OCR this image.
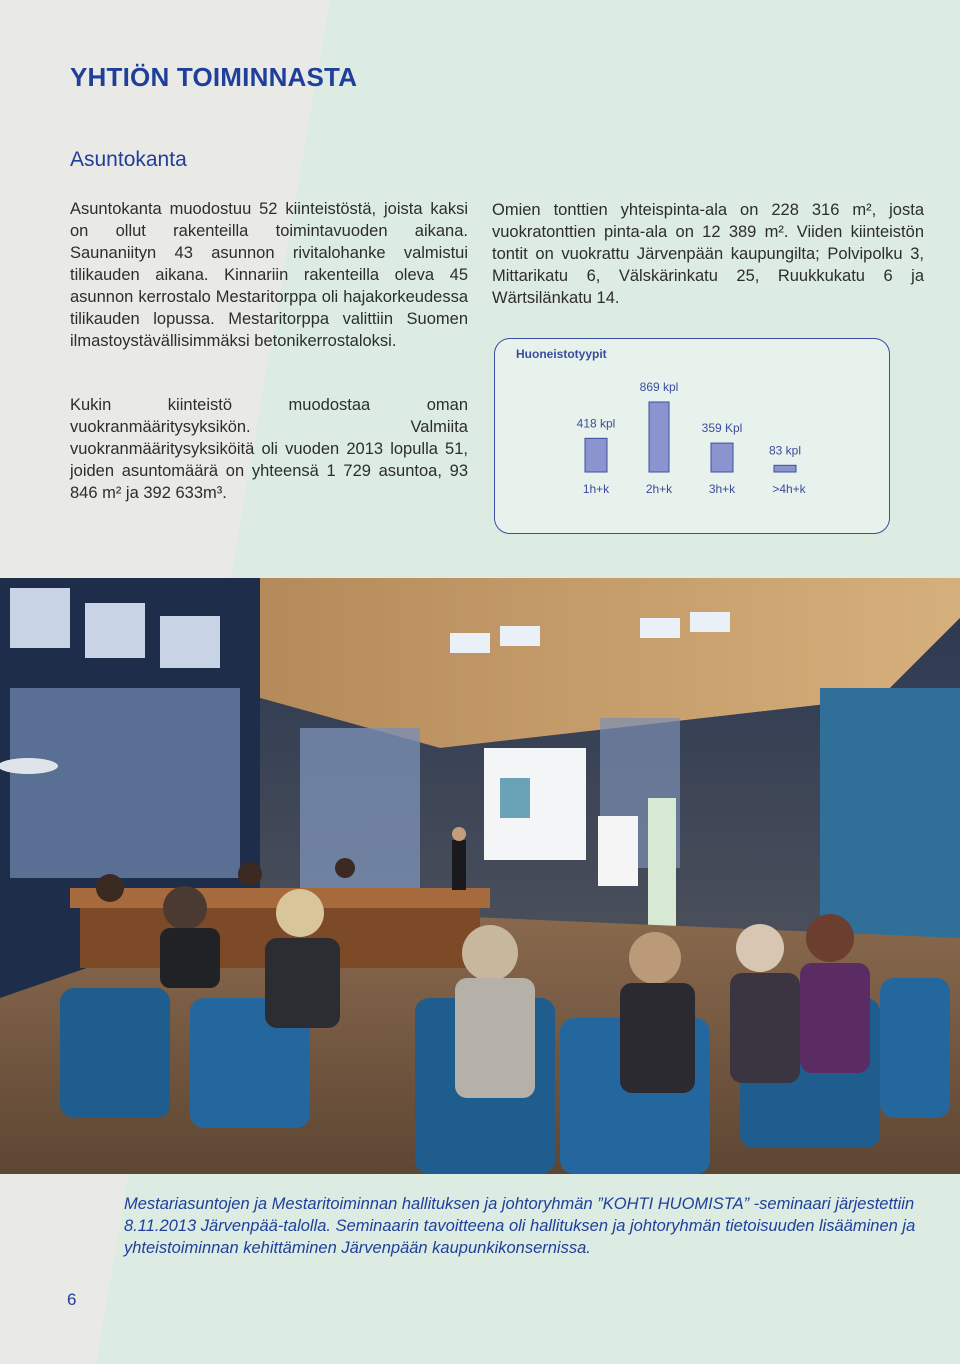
YHTIÖN TOIMINNASTA
Asuntokanta

Asuntokanta muodostuu 52 kiinteistöstä, joista kaksi on ollut rakenteilla toimintavuoden aikana. Saunaniityn 43 asunnon rivitalohanke valmistui tilikauden aikana. Kinnariin rakenteilla oleva 45 asunnon kerrostalo Mestaritorppa oli hajakorkeudessa tilikauden lopussa. Mestaritorppa valittiin Suomen ilmastoystävällisimmäksi betonikerrostaloksi.

Kukin kiinteistö muodostaa oman vuokranmääritysyksikön. Valmiita vuokranmääritysyksiköitä oli vuoden 2013 lopulla 51, joiden asuntomäärä on yhteensä 1 729 asuntoa, 93 846 m² ja 392 633m³.

Omien tonttien yhteispinta-ala on 228 316 m², josta vuokratonttien pinta-ala on 12 389 m². Viiden kiinteistön tontit on vuokrattu Järvenpään kaupungilta; Polvipolku 3, Mittarikatu 6, Välskärinkatu 25, Ruukkukatu 6 ja Wärtsilänkatu 14.

Huoneistotyypit
418 kpl
1h+k
869 kpl
2h+k
359 Kpl
3h+k
83 kpl
>4h+k

Mestariasuntojen ja Mestaritoiminnan hallituksen ja johtoryhmän ”KOHTI HUOMISTA” -seminaari järjestettiin 8.11.2013 Järvenpää-talolla. Seminaarin tavoitteena oli hallituksen ja johtoryhmän tietoisuuden lisääminen ja yhteistoiminnan kehittäminen Järvenpään kaupunkikonsernissa.

6
